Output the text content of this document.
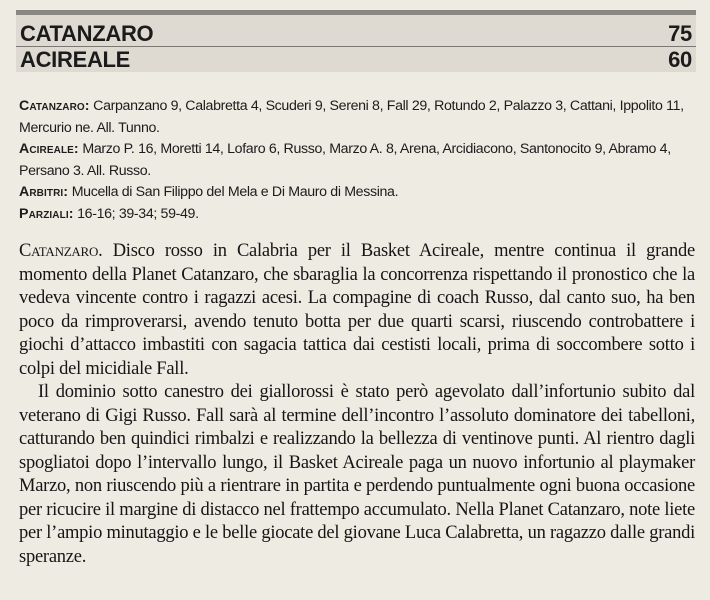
CATANZARO	75
ACIREALE	60

Catanzaro: Carpanzano 9, Calabretta 4, Scuderi 9, Sereni 8, Fall 29, Rotundo 2, Palazzo 3, Cattani, Ippolito 11, Mercurio ne. All. Tunno.

Acireale: Marzo P. 16, Moretti 14, Lofaro 6, Russo, Marzo A. 8, Arena, Arcidiacono, Santonocito 9, Abramo 4, Persano 3. All. Russo.

Arbitri: Mucella di San Filippo del Mela e Di Mauro di Messina.

Parziali: 16-16; 39-34; 59-49.

Catanzaro. Disco rosso in Calabria per il Basket Acireale, mentre continua il grande momento della Planet Catanzaro, che sbaraglia la concorrenza rispettando il pronostico che la vedeva vincente contro i ragazzi acesi. La compagine di coach Russo, dal canto suo, ha ben poco da rimproverarsi, avendo tenuto botta per due quarti scarsi, riuscendo controbattere i giochi d’attacco imbastiti con sagacia tattica dai cestisti locali, prima di soccombere sotto i colpi del micidiale Fall.

Il dominio sotto canestro dei giallorossi è stato però agevolato dall’infortunio subito dal veterano di Gigi Russo. Fall sarà al termine dell’incontro l’assoluto dominatore dei tabelloni, catturando ben quindici rimbalzi e realizzando la bellezza di ventinove punti. Al rientro dagli spogliatoi dopo l’intervallo lungo, il Basket Acireale paga un nuovo infortunio al playmaker Marzo, non riuscendo più a rientrare in partita e perdendo puntualmente ogni buona occasione per ricucire il margine di distacco nel frattempo accumulato. Nella Planet Catanzaro, note liete per l’ampio minutaggio e le belle giocate del giovane Luca Calabretta, un ragazzo dalle grandi speranze.
